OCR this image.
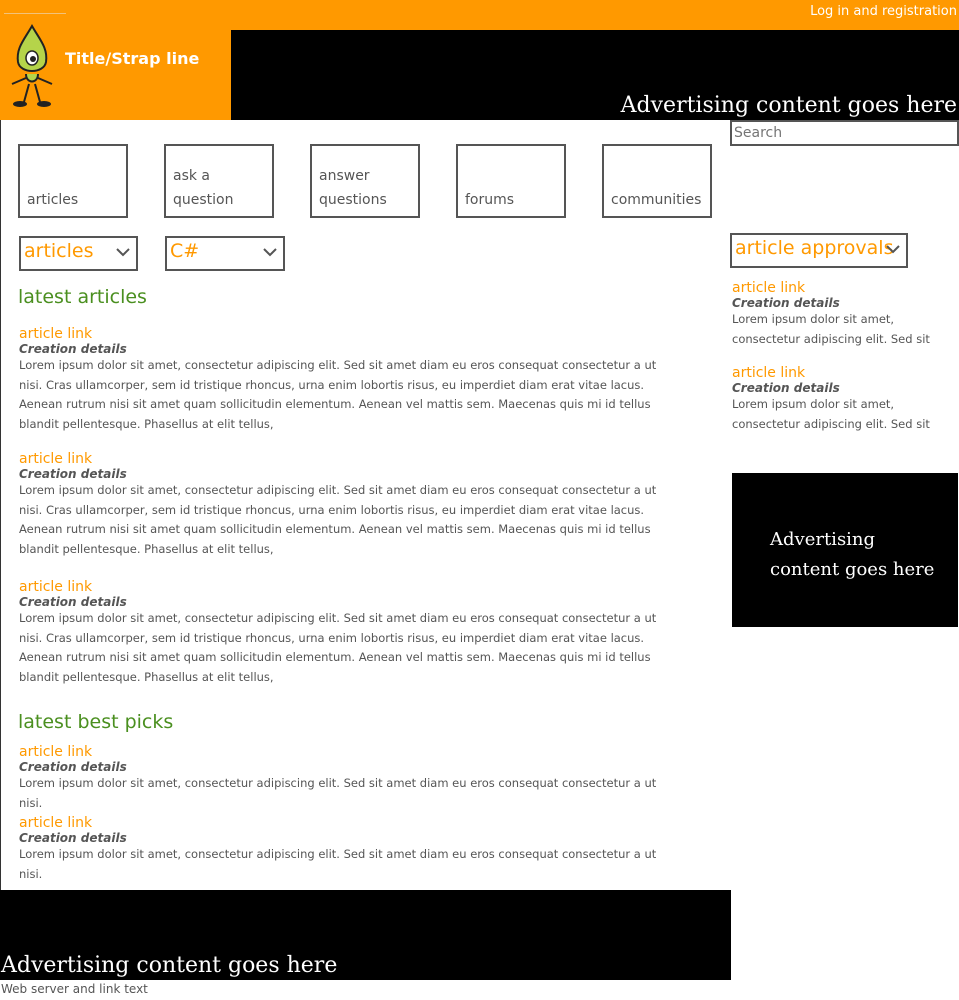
Log in and registration
Title/Strap line
Advertising content goes here
articles
ask a question
answer questions	forums	communities
articles	C#
latest articles
article link
Creation details
Lorem ipsum dolor sit amet, consectetur adipiscing elit. Sed sit amet diam eu eros consequat consectetur a ut nisi. Cras ullamcorper, sem id tristique rhoncus, urna enim lobortis risus, eu imperdiet diam erat vitae lacus. Aenean rutrum nisi sit amet quam sollicitudin elementum. Aenean vel mattis sem. Maecenas quis mi id tellus blandit pellentesque. Phasellus at elit tellus,
article link
Creation details
Lorem ipsum dolor sit amet, consectetur adipiscing elit. Sed sit amet diam eu eros consequat consectetur a ut nisi. Cras ullamcorper, sem id tristique rhoncus, urna enim lobortis risus, eu imperdiet diam erat vitae lacus. Aenean rutrum nisi sit amet quam sollicitudin elementum. Aenean vel mattis sem. Maecenas quis mi id tellus blandit pellentesque. Phasellus at elit tellus,
article link
Creation details
Lorem ipsum dolor sit amet, consectetur adipiscing elit. Sed sit amet diam eu eros consequat consectetur a ut nisi. Cras ullamcorper, sem id tristique rhoncus, urna enim lobortis risus, eu imperdiet diam erat vitae lacus. Aenean rutrum nisi sit amet quam sollicitudin elementum. Aenean vel mattis sem. Maecenas quis mi id tellus blandit pellentesque. Phasellus at elit tellus,
latest best picks
article link
Creation details
Lorem ipsum dolor sit amet, consectetur adipiscing elit. Sed sit amet diam eu eros consequat consectetur a ut nisi.
article link
Creation details
Lorem ipsum dolor sit amet, consectetur adipiscing elit. Sed sit amet diam eu eros consequat consectetur a ut nisi.
Search
article approvals
article link
Creation details
Lorem ipsum dolor sit amet, consectetur adipiscing elit. Sed sit
article link
Creation details
Lorem ipsum dolor sit amet, consectetur adipiscing elit. Sed sit
Advertising content goes here
Advertising content goes here
Web server and link text
